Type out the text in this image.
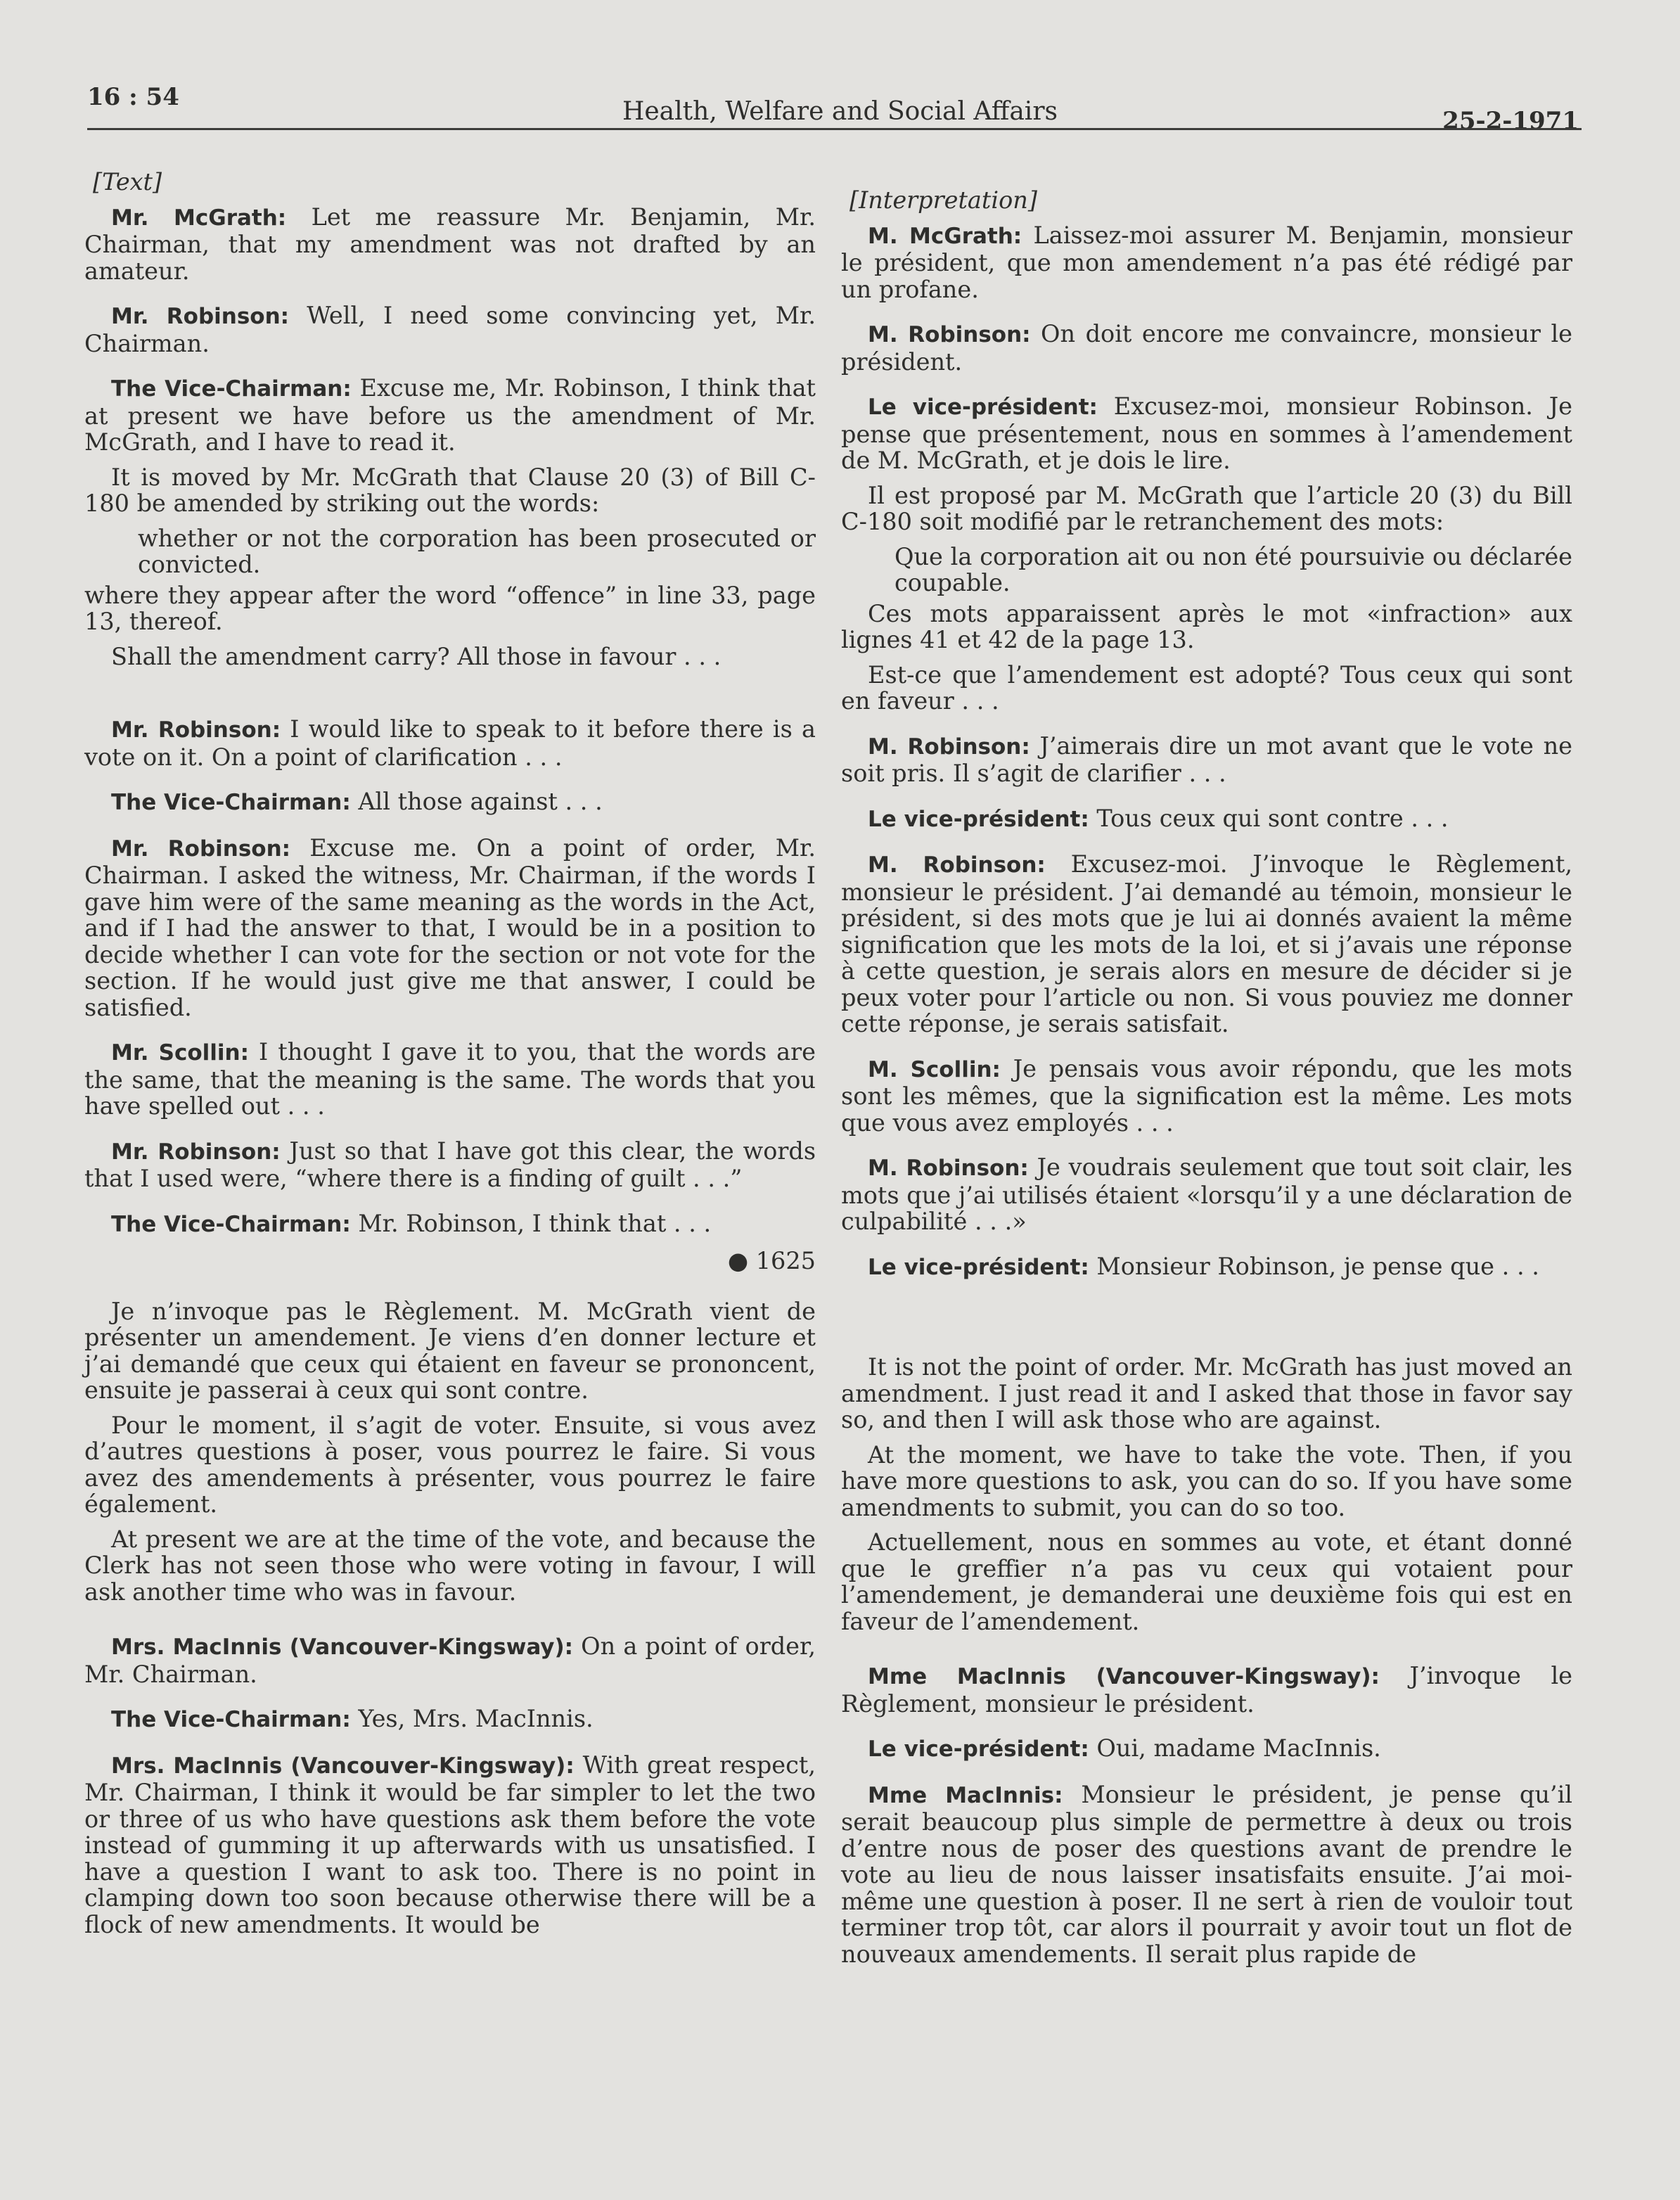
16 : 54	Health, Welfare and Social Affairs	25-2-1971
[Text]

Mr. McGrath: Let me reassure Mr. Benjamin, Mr. Chairman, that my amendment was not drafted by an amateur.

Mr. Robinson: Well, I need some convincing yet, Mr. Chairman.

The Vice-Chairman: Excuse me, Mr. Robinson, I think that at present we have before us the amendment of Mr. McGrath, and I have to read it.

It is moved by Mr. McGrath that Clause 20 (3) of Bill C-180 be amended by striking out the words:

whether or not the corporation has been prosecuted or convicted.

where they appear after the word “offence” in line 33, page 13, thereof.

Shall the amendment carry? All those in favour . . .

Mr. Robinson: I would like to speak to it before there is a vote on it. On a point of clarification . . .

The Vice-Chairman: All those against . . .

Mr. Robinson: Excuse me. On a point of order, Mr. Chairman. I asked the witness, Mr. Chairman, if the words I gave him were of the same meaning as the words in the Act, and if I had the answer to that, I would be in a position to decide whether I can vote for the section or not vote for the section. If he would just give me that answer, I could be satisfied.

Mr. Scollin: I thought I gave it to you, that the words are the same, that the meaning is the same. The words that you have spelled out . . .

Mr. Robinson: Just so that I have got this clear, the words that I used were, “where there is a finding of guilt . . .”

The Vice-Chairman: Mr. Robinson, I think that . . .

● 1625

Je n’invoque pas le Règlement. M. McGrath vient de présenter un amendement. Je viens d’en donner lecture et j’ai demandé que ceux qui étaient en faveur se prononcent, ensuite je passerai à ceux qui sont contre.

Pour le moment, il s’agit de voter. Ensuite, si vous avez d’autres questions à poser, vous pourrez le faire. Si vous avez des amendements à présenter, vous pourrez le faire également.

At present we are at the time of the vote, and because the Clerk has not seen those who were voting in favour, I will ask another time who was in favour.

Mrs. MacInnis (Vancouver-Kingsway): On a point of order, Mr. Chairman.

The Vice-Chairman: Yes, Mrs. MacInnis.

Mrs. MacInnis (Vancouver-Kingsway): With great respect, Mr. Chairman, I think it would be far simpler to let the two or three of us who have questions ask them before the vote instead of gumming it up afterwards with us unsatisfied. I have a question I want to ask too. There is no point in clamping down too soon because otherwise there will be a flock of new amendments. It would be

[Interpretation]

M. McGrath: Laissez-moi assurer M. Benjamin, monsieur le président, que mon amendement n’a pas été rédigé par un profane.

M. Robinson: On doit encore me convaincre, monsieur le président.

Le vice-président: Excusez-moi, monsieur Robinson. Je pense que présentement, nous en sommes à l’amendement de M. McGrath, et je dois le lire.

Il est proposé par M. McGrath que l’article 20 (3) du Bill C-180 soit modifié par le retranchement des mots:

Que la corporation ait ou non été poursuivie ou déclarée coupable.

Ces mots apparaissent après le mot «infraction» aux lignes 41 et 42 de la page 13.

Est-ce que l’amendement est adopté? Tous ceux qui sont en faveur . . .

M. Robinson: J’aimerais dire un mot avant que le vote ne soit pris. Il s’agit de clarifier . . .

Le vice-président: Tous ceux qui sont contre . . .

M. Robinson: Excusez-moi. J’invoque le Règlement, monsieur le président. J’ai demandé au témoin, monsieur le président, si des mots que je lui ai donnés avaient la même signification que les mots de la loi, et si j’avais une réponse à cette question, je serais alors en mesure de décider si je peux voter pour l’article ou non. Si vous pouviez me donner cette réponse, je serais satisfait.

M. Scollin: Je pensais vous avoir répondu, que les mots sont les mêmes, que la signification est la même. Les mots que vous avez employés . . .

M. Robinson: Je voudrais seulement que tout soit clair, les mots que j’ai utilisés étaient «lorsqu’il y a une déclaration de culpabilité . . .»

Le vice-président: Monsieur Robinson, je pense que . . .

It is not the point of order. Mr. McGrath has just moved an amendment. I just read it and I asked that those in favor say so, and then I will ask those who are against.

At the moment, we have to take the vote. Then, if you have more questions to ask, you can do so. If you have some amendments to submit, you can do so too.

Actuellement, nous en sommes au vote, et étant donné que le greffier n’a pas vu ceux qui votaient pour l’amendement, je demanderai une deuxième fois qui est en faveur de l’amendement.

Mme MacInnis (Vancouver-Kingsway): J’invoque le Règlement, monsieur le président.

Le vice-président: Oui, madame MacInnis.

Mme MacInnis: Monsieur le président, je pense qu’il serait beaucoup plus simple de permettre à deux ou trois d’entre nous de poser des questions avant de prendre le vote au lieu de nous laisser insatisfaits ensuite. J’ai moi-même une question à poser. Il ne sert à rien de vouloir tout terminer trop tôt, car alors il pourrait y avoir tout un flot de nouveaux amendements. Il serait plus rapide de
